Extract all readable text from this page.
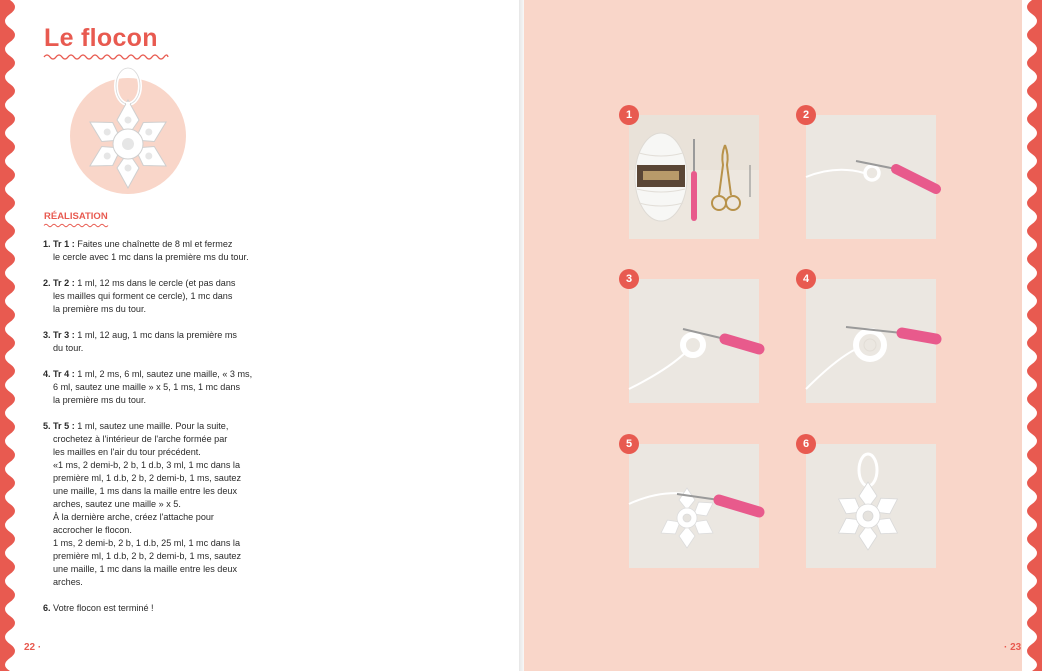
Le flocon
RÉALISATION
1. Tr 1 : Faites une chaînette de 8 ml et fermez
le cercle avec 1 mc dans la première ms du tour.
2. Tr 2 : 1 ml, 12 ms dans le cercle (et pas dans
les mailles qui forment ce cercle), 1 mc dans
la première ms du tour.
3. Tr 3 : 1 ml, 12 aug, 1 mc dans la première ms
du tour.
4. Tr 4 : 1 ml, 2 ms, 6 ml, sautez une maille, « 3 ms,
6 ml, sautez une maille » x 5, 1 ms, 1 mc dans
la première ms du tour.
5. Tr 5 : 1 ml, sautez une maille. Pour la suite,
crochetez à l'intérieur de l'arche formée par
les mailles en l'air du tour précédent.
«1 ms, 2 demi-b, 2 b, 1 d.b, 3 ml, 1 mc dans la
première ml, 1 d.b, 2 b, 2 demi-b, 1 ms, sautez
une maille, 1 ms dans la maille entre les deux
arches, sautez une maille » x 5.
À la dernière arche, créez l'attache pour
accrocher le flocon.
1 ms, 2 demi-b, 2 b, 1 d.b, 25 ml, 1 mc dans la
première ml, 1 d.b, 2 b, 2 demi-b, 1 ms, sautez
une maille, 1 mc dans la maille entre les deux
arches.
6. Votre flocon est terminé !
22 ·
1	2
3	4
5	6
· 23
